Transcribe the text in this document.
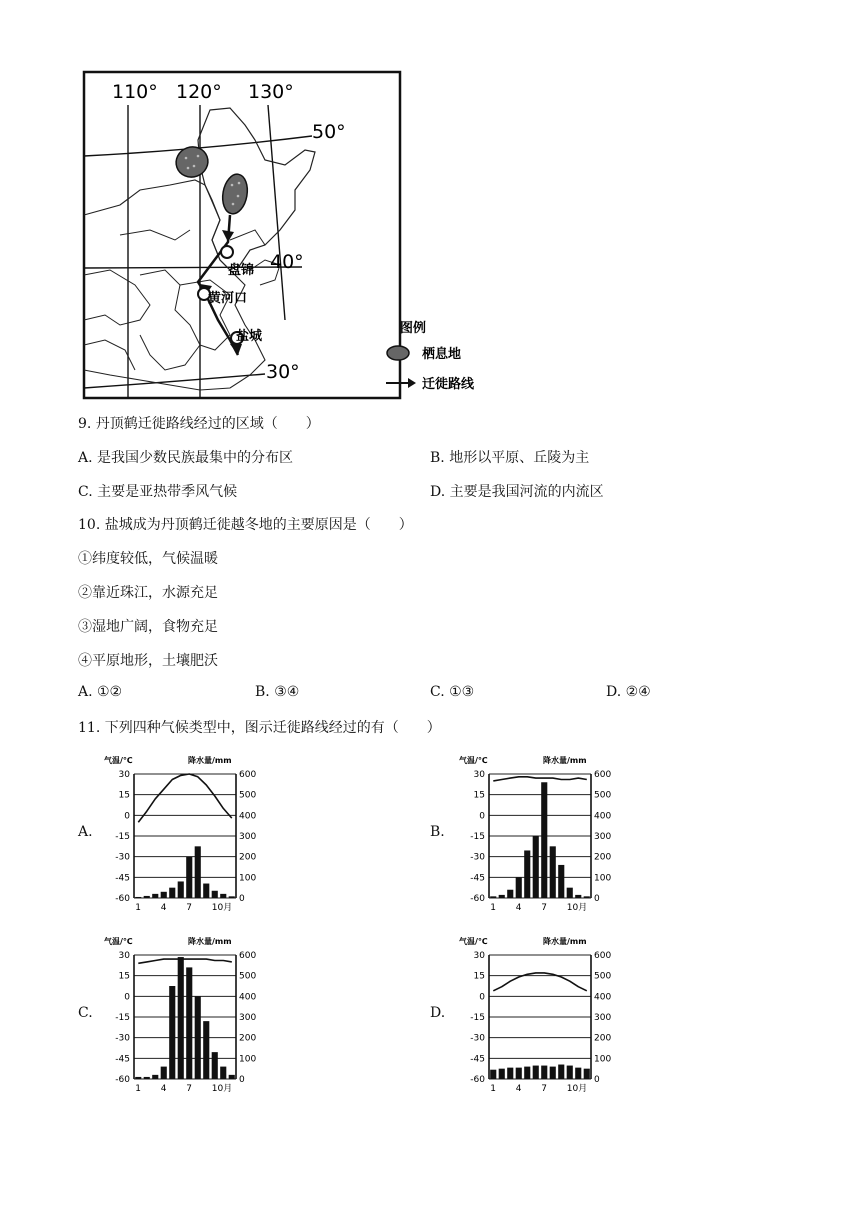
110° 120° 130°
50°
40°
30°
盘锦
黄河口
盐城
图例
栖息地
迁徙路线
9. 丹顶鹤迁徙路线经过的区域（　　）
A. 是我国少数民族最集中的分布区	B. 地形以平原、丘陵为主
C. 主要是亚热带季风气候	D. 主要是我国河流的内流区
10. 盐城成为丹顶鹤迁徙越冬地的主要原因是（　　）
①纬度较低，气候温暖
②靠近珠江，水源充足
③湿地广阔，食物充足
④平原地形，土壤肥沃
A. ①②	B. ③④	C. ①③	D. ②④
11. 下列四种气候类型中，图示迁徙路线经过的有（　　）
A.	B.
C.	D.
气温/℃	降水量/mm
30
15
0
-15
-30
-45
-60
600
500
400
300
200
100
0
1 4 7 10月
气温/℃	降水量/mm
30
15
0
-15
-30
-45
-60
600
500
400
300
200
100
0
1 4 7 10月
气温/℃	降水量/mm
30
15
0
-15
-30
-45
-60
600
500
400
300
200
100
0
1 4 7 10月
气温/℃	降水量/mm
30
15
0
-15
-30
-45
-60
600
500
400
300
200
100
0
1 4 7 10月
